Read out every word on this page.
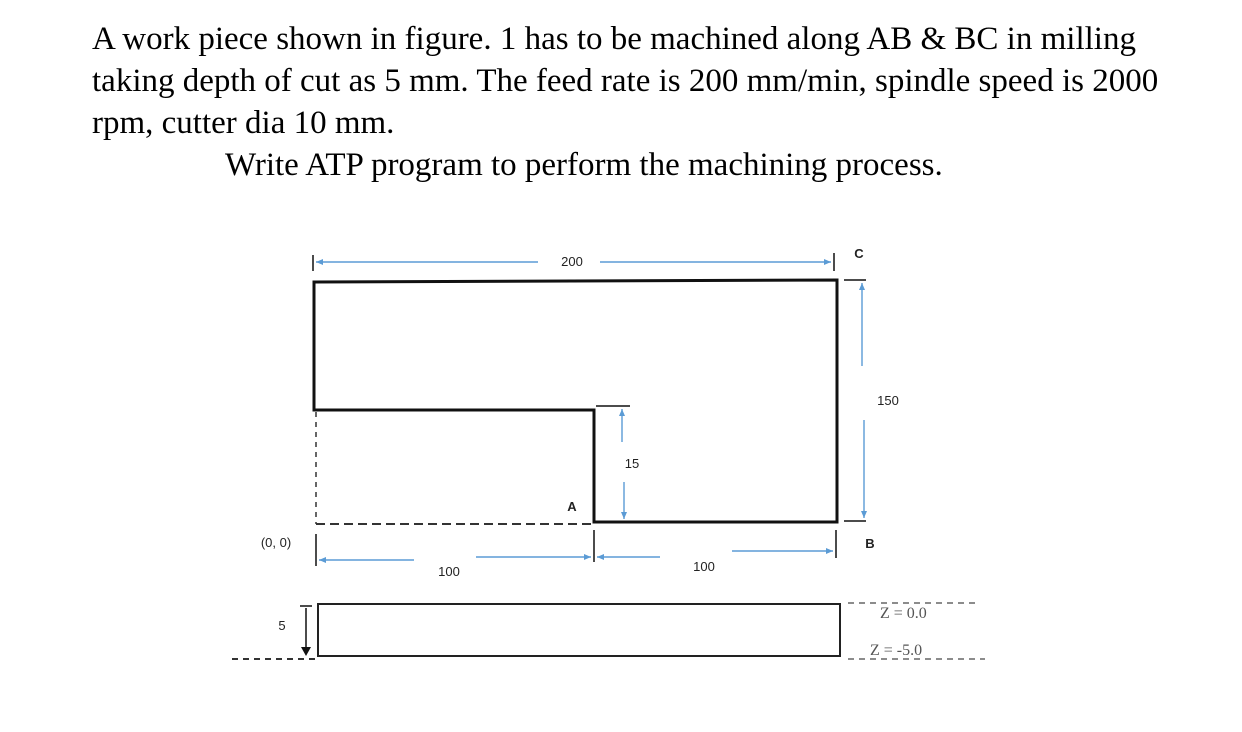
A work piece shown in figure. 1 has to be machined along AB & BC in milling taking depth of cut as 5 mm. The feed rate is 200 mm/min, spindle speed is 2000 rpm, cutter dia 10 mm.

Write ATP program to perform the machining process.

200
150
15
100	100
A
B
C
(0, 0)
5
Z = 0.0
Z = -5.0
